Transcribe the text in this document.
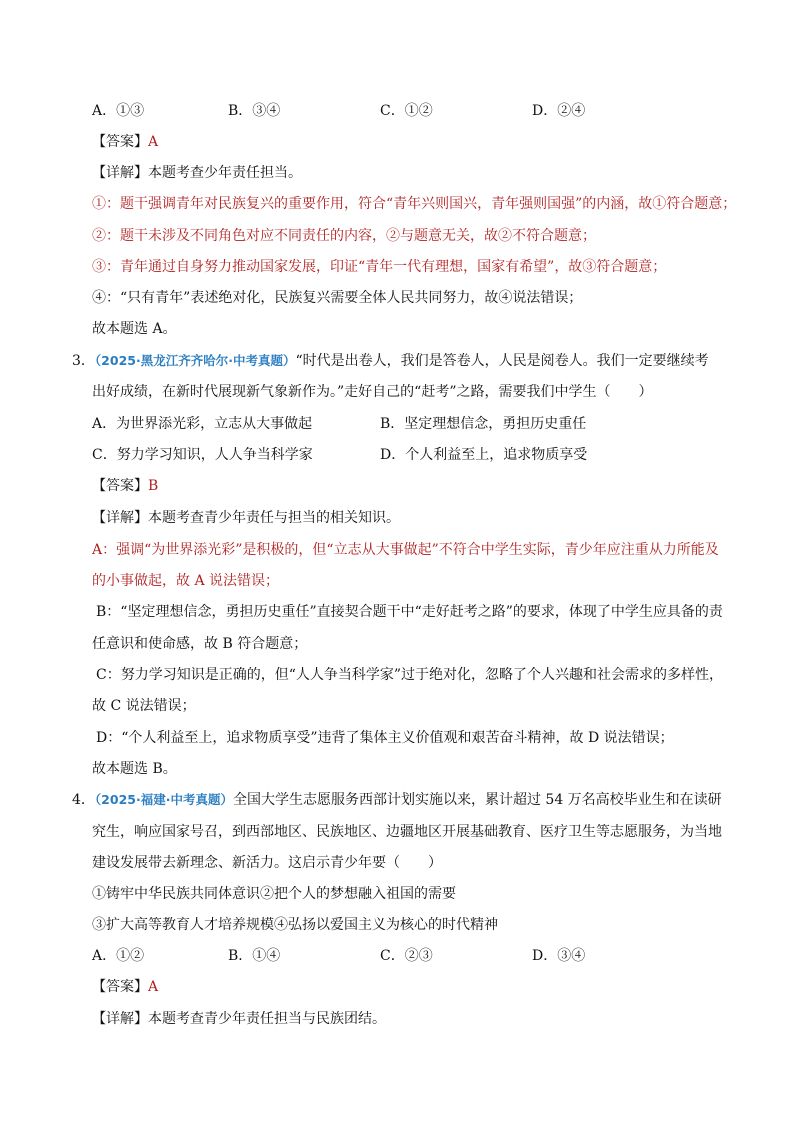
A．①③	B．③④	C．①②	D．②④
【答案】A
【详解】本题考查少年责任担当。
①：题干强调青年对民族复兴的重要作用，符合“青年兴则国兴，青年强则国强”的内涵，故①符合题意；
②：题干未涉及不同角色对应不同责任的内容，②与题意无关，故②不符合题意；
③：青年通过自身努力推动国家发展，印证“青年一代有理想，国家有希望”，故③符合题意；
④：“只有青年”表述绝对化，民族复兴需要全体人民共同努力，故④说法错误；
故本题选 A。
3．（2025·黑龙江齐齐哈尔·中考真题）“时代是出卷人，我们是答卷人，人民是阅卷人。我们一定要继续考
出好成绩，在新时代展现新气象新作为。”走好自己的“赶考”之路，需要我们中学生（　　）
A．为世界添光彩，立志从大事做起	B．坚定理想信念，勇担历史重任
C．努力学习知识，人人争当科学家	D．个人利益至上，追求物质享受
【答案】B
【详解】本题考查青少年责任与担当的相关知识。
A：强调“为世界添光彩”是积极的，但“立志从大事做起”不符合中学生实际，青少年应注重从力所能及
的小事做起，故 A 说法错误；
B：“坚定理想信念，勇担历史重任”直接契合题干中“走好赶考之路”的要求，体现了中学生应具备的责
任意识和使命感，故 B 符合题意；
C：努力学习知识是正确的，但“人人争当科学家”过于绝对化，忽略了个人兴趣和社会需求的多样性，
故 C 说法错误；
D：“个人利益至上，追求物质享受”违背了集体主义价值观和艰苦奋斗精神，故 D 说法错误；
故本题选 B。
4．（2025·福建·中考真题）全国大学生志愿服务西部计划实施以来，累计超过 54 万名高校毕业生和在读研
究生，响应国家号召，到西部地区、民族地区、边疆地区开展基础教育、医疗卫生等志愿服务，为当地
建设发展带去新理念、新活力。这启示青少年要（　　）
①铸牢中华民族共同体意识②把个人的梦想融入祖国的需要
③扩大高等教育人才培养规模④弘扬以爱国主义为核心的时代精神
A．①②	B．①④	C．②③	D．③④
【答案】A
【详解】本题考查青少年责任担当与民族团结。
